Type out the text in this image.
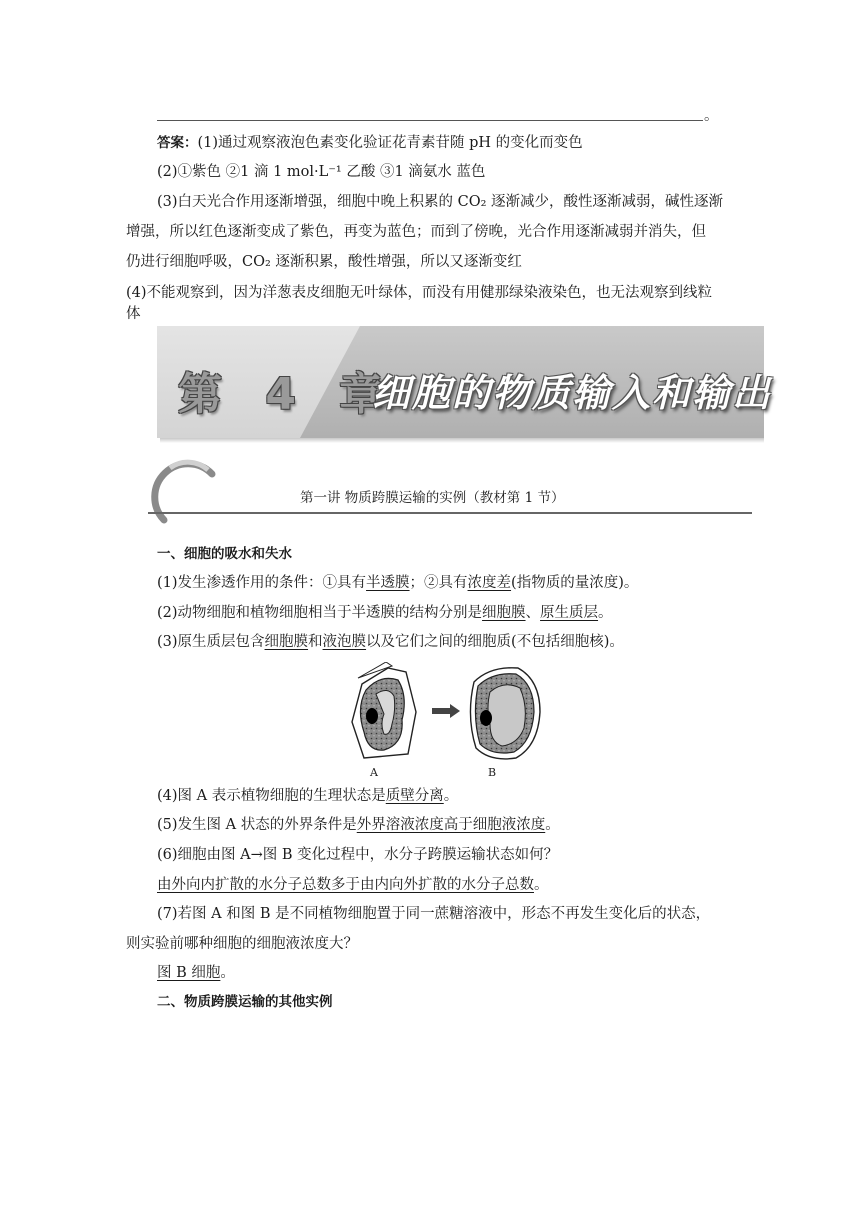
。
答案：(1)通过观察液泡色素变化验证花青素苷随 pH 的变化而变色
(2)①紫色 ②1 滴 1 mol·L⁻¹ 乙酸 ③1 滴氨水 蓝色
(3)白天光合作用逐渐增强，细胞中晚上积累的 CO₂ 逐渐减少，酸性逐渐减弱，碱性逐渐
增强，所以红色逐渐变成了紫色，再变为蓝色；而到了傍晚，光合作用逐渐减弱并消失，但
仍进行细胞呼吸，CO₂ 逐渐积累，酸性增强，所以又逐渐变红
(4)不能观察到，因为洋葱表皮细胞无叶绿体，而没有用健那绿染液染色，也无法观察到线粒
体
第 4 章
细胞的物质输入和输出
第一讲 物质跨膜运输的实例（教材第 1 节）
一、细胞的吸水和失水
(1)发生渗透作用的条件：①具有半透膜；②具有浓度差(指物质的量浓度)。
(2)动物细胞和植物细胞相当于半透膜的结构分别是细胞膜、原生质层。
(3)原生质层包含细胞膜和液泡膜以及它们之间的细胞质(不包括细胞核)。
A	B
(4)图 A 表示植物细胞的生理状态是质壁分离。
(5)发生图 A 状态的外界条件是外界溶液浓度高于细胞液浓度。
(6)细胞由图 A→图 B 变化过程中，水分子跨膜运输状态如何？
由外向内扩散的水分子总数多于由内向外扩散的水分子总数。
(7)若图 A 和图 B 是不同植物细胞置于同一蔗糖溶液中，形态不再发生变化后的状态，
则实验前哪种细胞的细胞液浓度大？
图 B 细胞。
二、物质跨膜运输的其他实例
